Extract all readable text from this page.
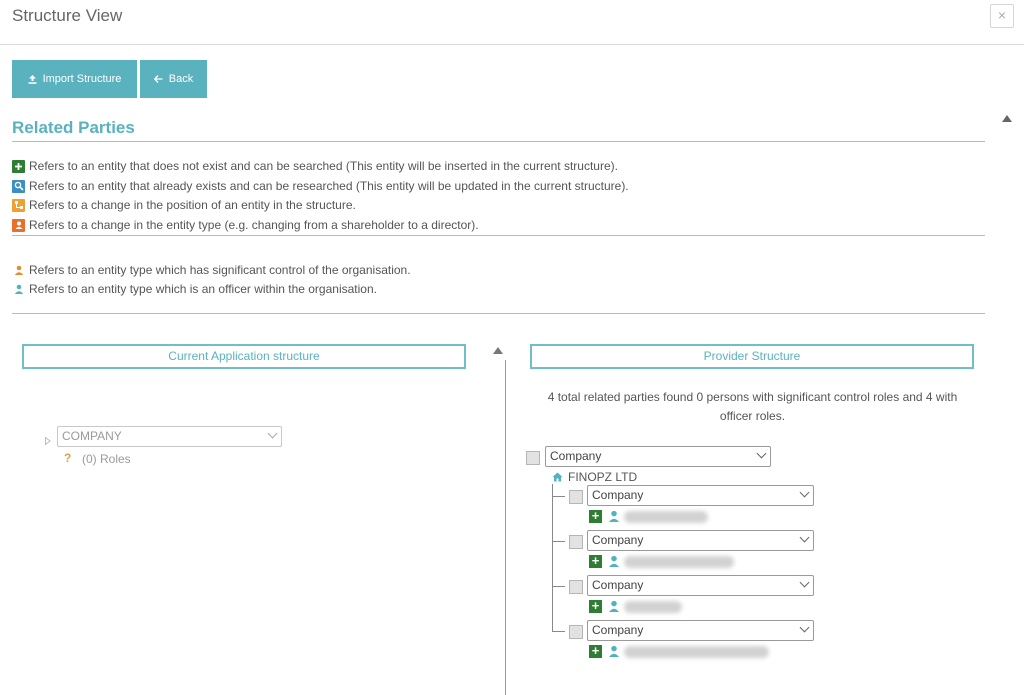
Structure View	×
Import Structure	Back
Related Parties
Refers to an entity that does not exist and can be searched (This entity will be inserted in the current structure).
Refers to an entity that already exists and can be researched (This entity will be updated in the current structure).
Refers to a change in the position of an entity in the structure.
Refers to a change in the entity type (e.g. changing from a shareholder to a director).
Refers to an entity type which has significant control of the organisation.
Refers to an entity type which is an officer within the organisation.
Current Application structure	Provider Structure
COMPANY
? (0) Roles
4 total related parties found 0 persons with significant control roles and 4 with officer roles.
Company
FINOPZ LTD
Company
+
Company
+
Company
+
Company
+
